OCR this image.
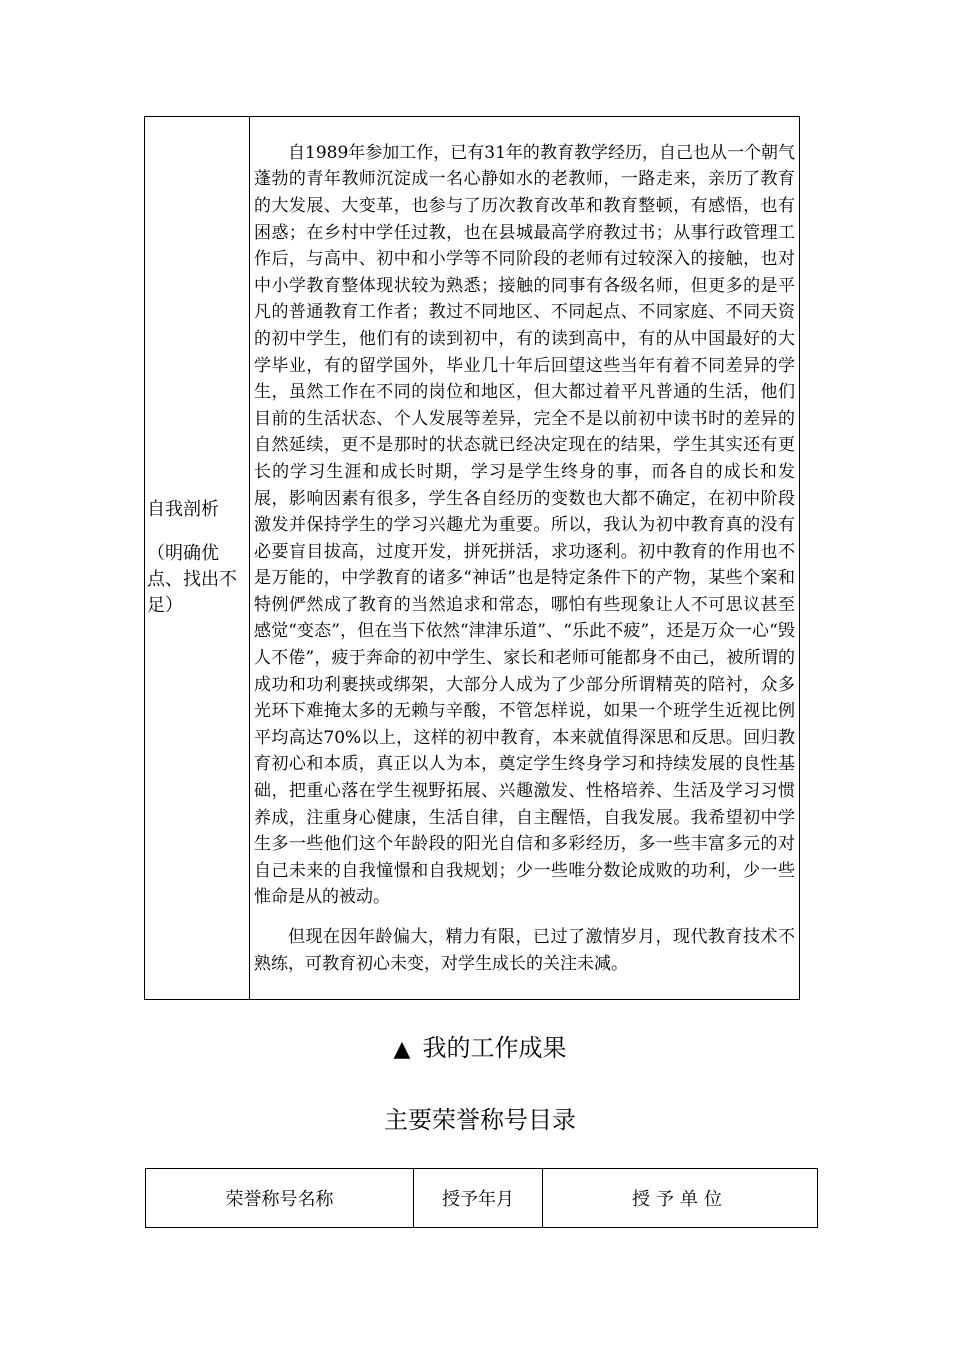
自我剖析
（明确优点、找出不足）

自1989年参加工作，已有31年的教育教学经历，自己也从一个朝气蓬勃的青年教师沉淀成一名心静如水的老教师，一路走来，亲历了教育的大发展、大变革，也参与了历次教育改革和教育整顿，有感悟，也有困惑；在乡村中学任过教，也在县城最高学府教过书；从事行政管理工作后，与高中、初中和小学等不同阶段的老师有过较深入的接触，也对中小学教育整体现状较为熟悉；接触的同事有各级名师，但更多的是平凡的普通教育工作者；教过不同地区、不同起点、不同家庭、不同天资的初中学生，他们有的读到初中，有的读到高中，有的从中国最好的大学毕业，有的留学国外，毕业几十年后回望这些当年有着不同差异的学生，虽然工作在不同的岗位和地区，但大都过着平凡普通的生活，他们目前的生活状态、个人发展等差异，完全不是以前初中读书时的差异的自然延续，更不是那时的状态就已经决定现在的结果，学生其实还有更长的学习生涯和成长时期，学习是学生终身的事，而各自的成长和发展，影响因素有很多，学生各自经历的变数也大都不确定，在初中阶段激发并保持学生的学习兴趣尤为重要。所以，我认为初中教育真的没有必要盲目拔高，过度开发，拼死拼活，求功逐利。初中教育的作用也不是万能的，中学教育的诸多“神话”也是特定条件下的产物，某些个案和特例俨然成了教育的当然追求和常态，哪怕有些现象让人不可思议甚至感觉“变态”，但在当下依然“津津乐道”、“乐此不疲”，还是万众一心“毁人不倦”，疲于奔命的初中学生、家长和老师可能都身不由己，被所谓的成功和功利裹挟或绑架，大部分人成为了少部分所谓精英的陪衬，众多光环下难掩太多的无赖与辛酸，不管怎样说，如果一个班学生近视比例平均高达70%以上，这样的初中教育，本来就值得深思和反思。回归教育初心和本质，真正以人为本，奠定学生终身学习和持续发展的良性基础，把重心落在学生视野拓展、兴趣激发、性格培养、生活及学习习惯养成，注重身心健康，生活自律，自主醒悟，自我发展。我希望初中学生多一些他们这个年龄段的阳光自信和多彩经历，多一些丰富多元的对自己未来的自我憧憬和自我规划；少一些唯分数论成败的功利，少一些惟命是从的被动。

但现在因年龄偏大，精力有限，已过了激情岁月，现代教育技术不熟练，可教育初心未变，对学生成长的关注未减。

▲ 我的工作成果
主要荣誉称号目录
荣誉称号名称	授予年月	授予单位
